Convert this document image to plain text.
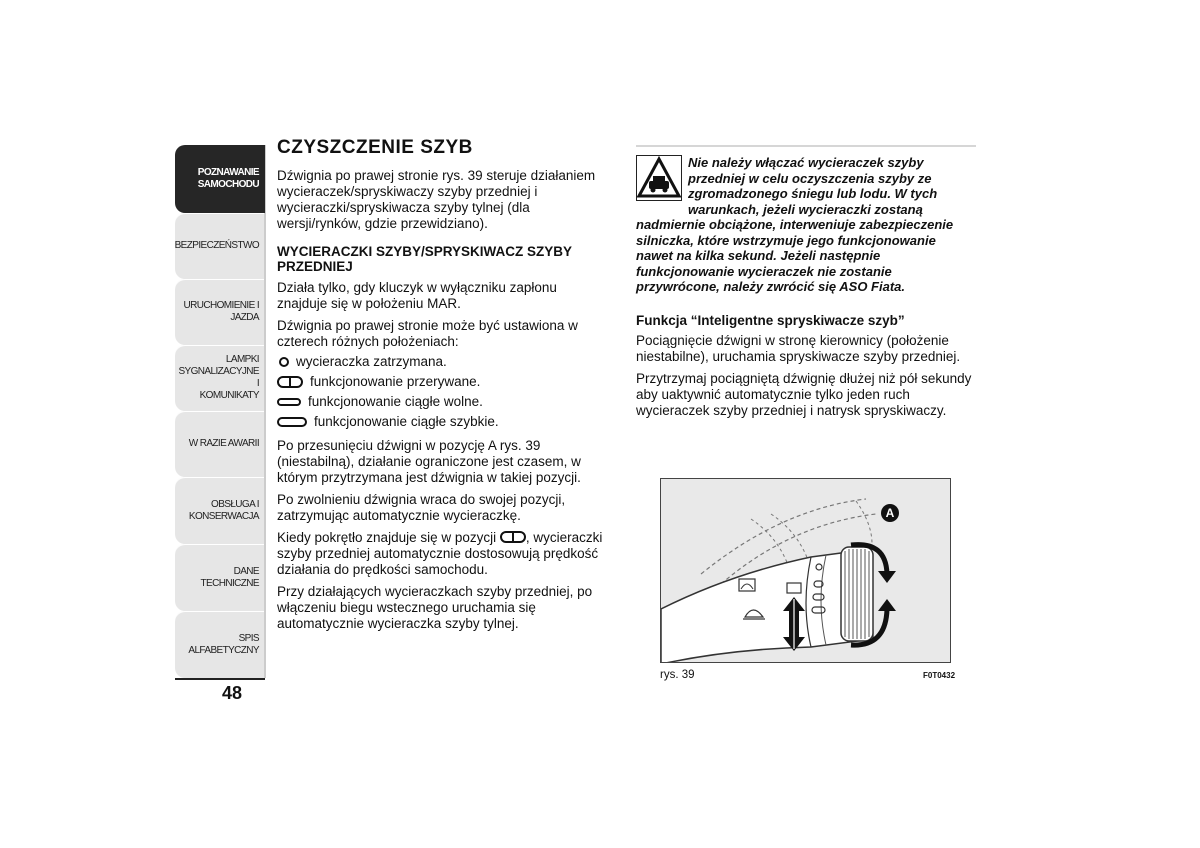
POZNAWANIE
SAMOCHODU
BEZPIECZEŃSTWO
URUCHOMIENIE I
JAZDA
LAMPKI
SYGNALIZACYJNE I
KOMUNIKATY
W RAZIE AWARII
OBSŁUGA I
KONSERWACJA
DANE TECHNICZNE
SPIS ALFABETYCZNY
48
CZYSZCZENIE SZYB

Dźwignia po prawej stronie rys. 39 steruje działaniem wycieraczek/spryskiwaczy szyby przedniej i wycieraczki/spryskiwacza szyby tylnej (dla wersji/rynków, gdzie przewidziano).

WYCIERACZKI SZYBY/SPRYSKIWACZ SZYBY PRZEDNIEJ

Działa tylko, gdy kluczyk w wyłączniku zapłonu znajduje się w położeniu MAR.

Dźwignia po prawej stronie może być ustawiona w czterech różnych położeniach:

wycieraczka zatrzymana.
funkcjonowanie przerywane.
funkcjonowanie ciągłe wolne.
funkcjonowanie ciągłe szybkie.

Po przesunięciu dźwigni w pozycję A rys. 39 (niestabilną), działanie ograniczone jest czasem, w którym przytrzymana jest dźwignia w takiej pozycji.

Po zwolnieniu dźwignia wraca do swojej pozycji, zatrzymując automatycznie wycieraczkę.

Kiedy pokrętło znajduje się w pozycji , wycieraczki szyby przedniej automatycznie dostosowują prędkość działania do prędkości samochodu.

Przy działających wycieraczkach szyby przedniej, po włączeniu biegu wstecznego uruchamia się automatycznie wycieraczka szyby tylnej.

Nie należy włączać wycieraczek szyby przedniej w celu oczyszczenia szyby ze zgromadzonego śniegu lub lodu. W tych warunkach, jeżeli wycieraczki zostaną nadmiernie obciążone, interweniuje zabezpieczenie silniczka, które wstrzymuje jego funkcjonowanie nawet na kilka sekund. Jeżeli następnie funkcjonowanie wycieraczek nie zostanie przywrócone, należy zwrócić się ASO Fiata.

Funkcja “Inteligentne spryskiwacze szyb”

Pociągnięcie dźwigni w stronę kierownicy (położenie niestabilne), uruchamia spryskiwacze szyby przedniej.

Przytrzymaj pociągniętą dźwignię dłużej niż pół sekundy aby uaktywnić automatycznie tylko jeden ruch wycieraczek szyby przedniej i natrysk spryskiwaczy.

A
rys. 39	F0T0432
